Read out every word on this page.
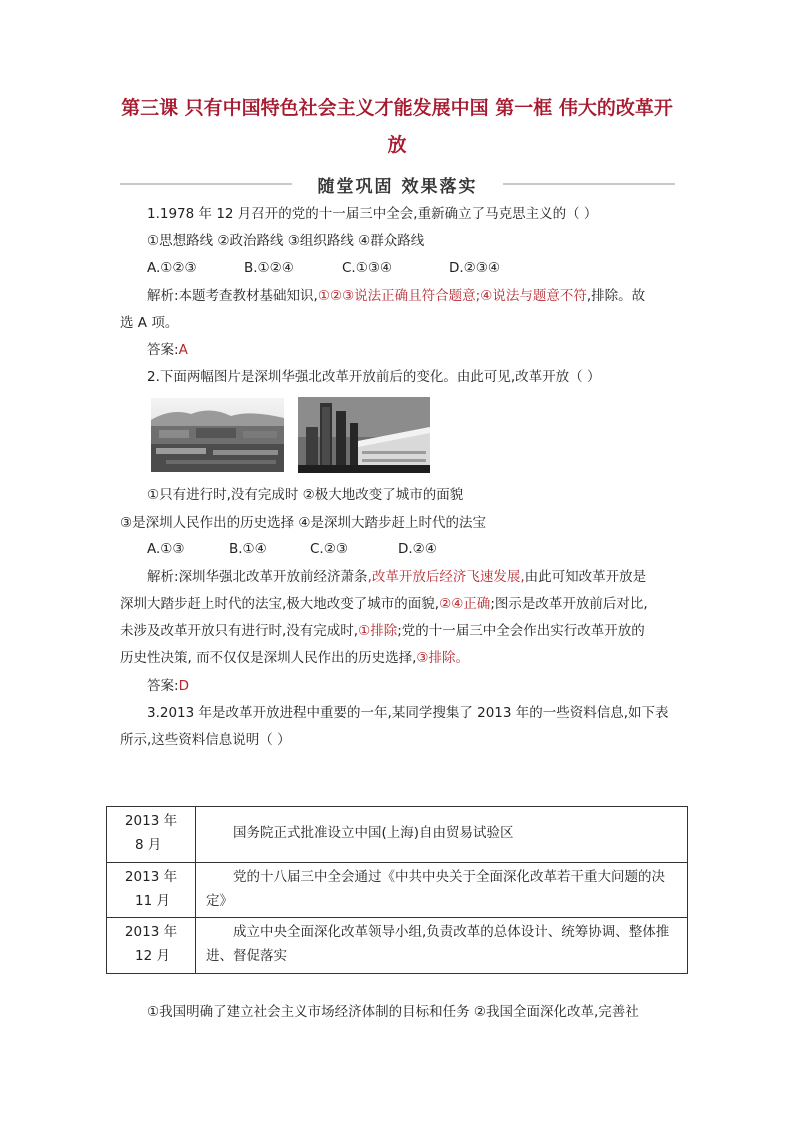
第三课 只有中国特色社会主义才能发展中国 第一框 伟大的改革开
放
随堂巩固 效果落实
1.1978 年 12 月召开的党的十一届三中全会,重新确立了马克思主义的（ ）
①思想路线 ②政治路线 ③组织路线 ④群众路线
A.①②③	B.①②④	C.①③④	D.②③④
解析:本题考查教材基础知识,①②③说法正确且符合题意;④说法与题意不符,排除。故
选 A 项。
答案:A
2.下面两幅图片是深圳华强北改革开放前后的变化。由此可见,改革开放（ ）
①只有进行时,没有完成时 ②极大地改变了城市的面貌
③是深圳人民作出的历史选择 ④是深圳大踏步赶上时代的法宝
A.①③	B.①④	C.②③	D.②④
解析:深圳华强北改革开放前经济萧条,改革开放后经济飞速发展,由此可知改革开放是
深圳大踏步赶上时代的法宝,极大地改变了城市的面貌,②④正确;图示是改革开放前后对比,
未涉及改革开放只有进行时,没有完成时,①排除;党的十一届三中全会作出实行改革开放的
历史性决策, 而不仅仅是深圳人民作出的历史选择,③排除。
答案:D
3.2013 年是改革开放进程中重要的一年,某同学搜集了 2013 年的一些资料信息,如下表
所示,这些资料信息说明（ ）
2013 年
8 月	国务院正式批准设立中国(上海)自由贸易试验区

2013 年
11 月	党的十八届三中全会通过《中共中央关于全面深化改革若干重大问题的决定》

2013 年
12 月	成立中央全面深化改革领导小组,负责改革的总体设计、统筹协调、整体推进、督促落实
①我国明确了建立社会主义市场经济体制的目标和任务 ②我国全面深化改革,完善社
